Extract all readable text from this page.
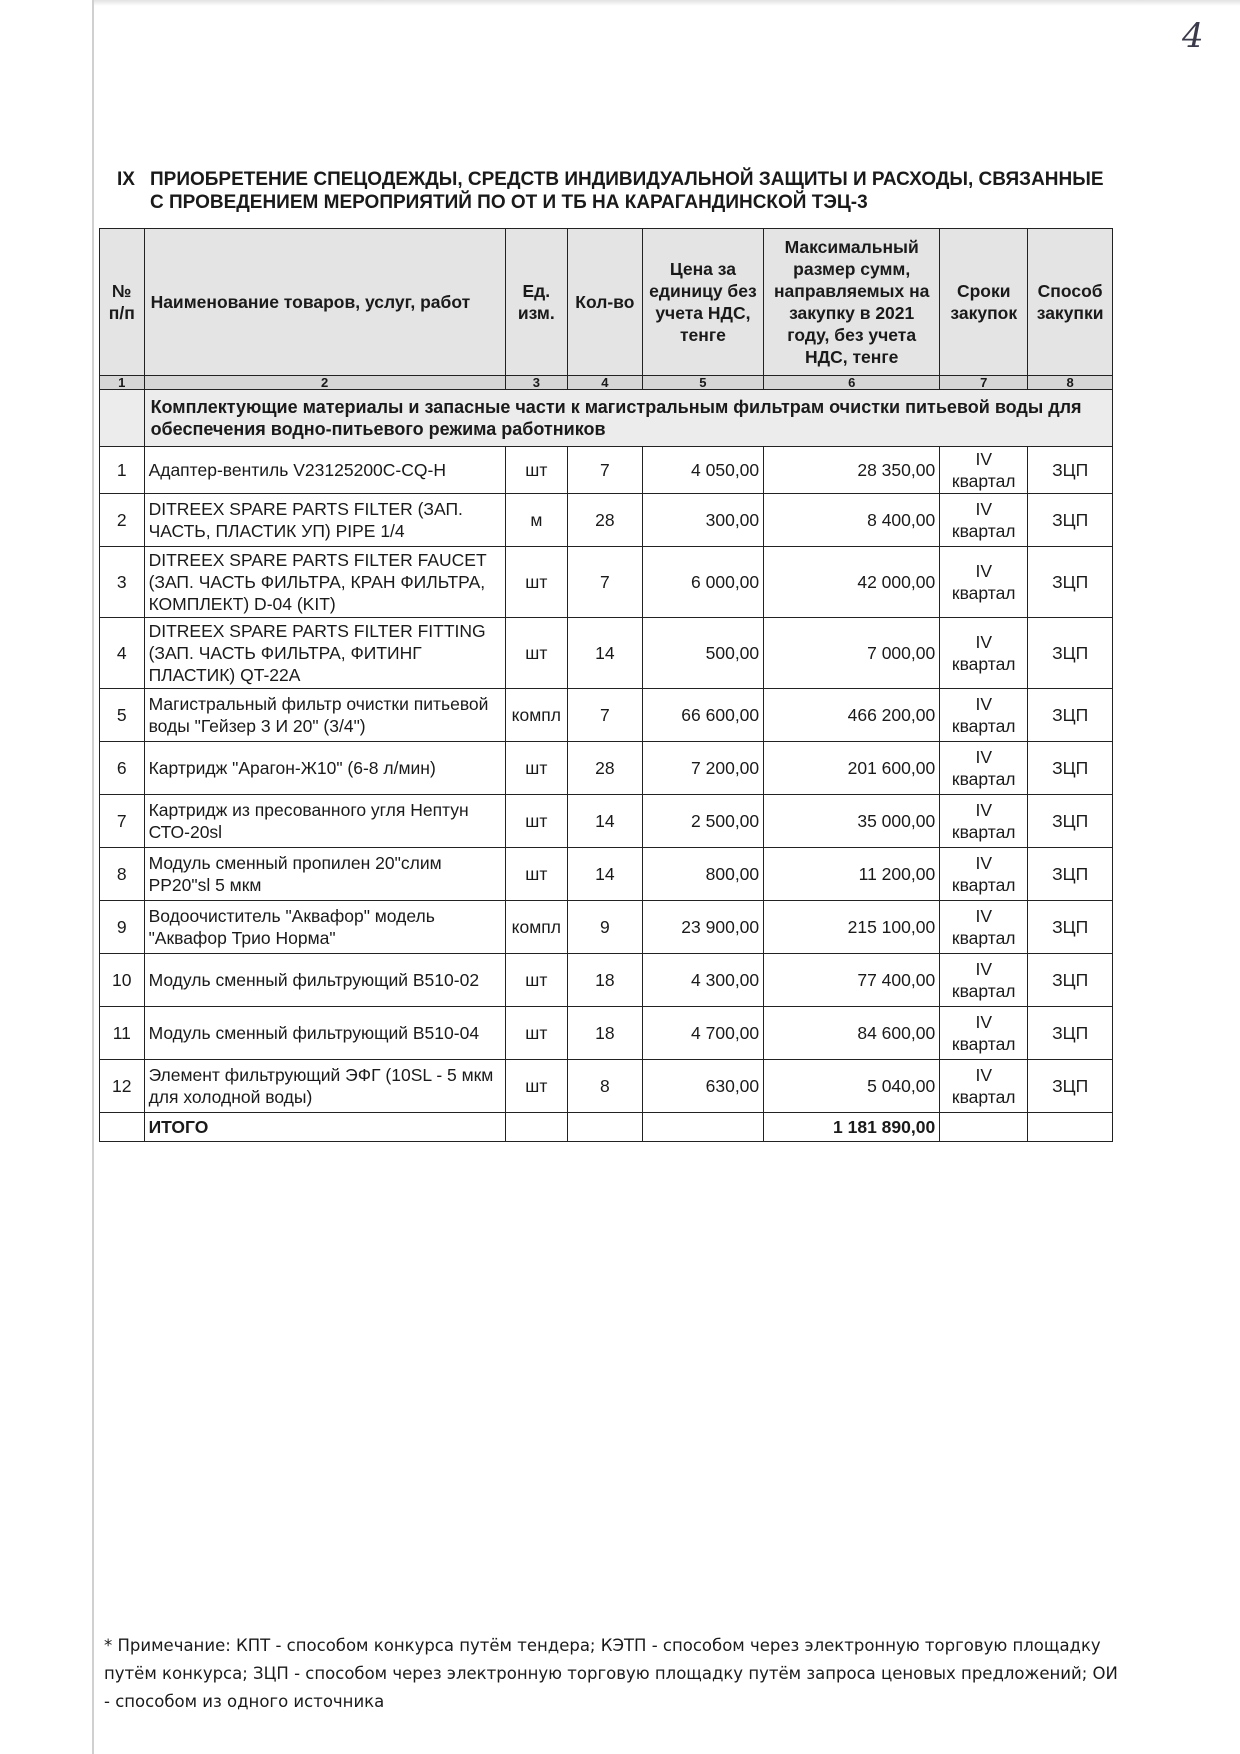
4
IX ПРИОБРЕТЕНИЕ СПЕЦОДЕЖДЫ, СРЕДСТВ ИНДИВИДУАЛЬНОЙ ЗАЩИТЫ И РАСХОДЫ, СВЯЗАННЫЕ С ПРОВЕДЕНИЕМ МЕРОПРИЯТИЙ ПО ОТ И ТБ НА КАРАГАНДИНСКОЙ ТЭЦ-3
№ п/п	Наименование товаров, услуг, работ	Ед. изм.	Кол-во	Цена за единицу без учета НДС, тенге	Максимальный размер сумм, направляемых на закупку в 2021 году, без учета НДС, тенге	Сроки закупок	Способ закупки
1	2	3	4	5	6	7	8
	Комплектующие материалы и запасные части к магистральным фильтрам очистки питьевой воды для обеспечения водно-питьевого режима работников						
1	Адаптер-вентиль V23125200C-CQ-H	шт	7	4 050,00	28 350,00	IV квартал	ЗЦП
2	DITREEX SPARE PARTS FILTER (ЗАП. ЧАСТЬ, ПЛАСТИК УП) PIPE 1/4	м	28	300,00	8 400,00	IV квартал	ЗЦП
3	DITREEX SPARE PARTS FILTER FAUCET (ЗАП. ЧАСТЬ ФИЛЬТРА, КРАН ФИЛЬТРА, КОМПЛЕКТ) D-04 (KIT)	шт	7	6 000,00	42 000,00	IV квартал	ЗЦП
4	DITREEX SPARE PARTS FILTER FITTING (ЗАП. ЧАСТЬ ФИЛЬТРА, ФИТИНГ ПЛАСТИК) QT-22A	шт	14	500,00	7 000,00	IV квартал	ЗЦП
5	Магистральный фильтр очистки питьевой воды "Гейзер 3 И 20" (3/4")	компл	7	66 600,00	466 200,00	IV квартал	ЗЦП
6	Картридж "Арагон-Ж10" (6-8 л/мин)	шт	28	7 200,00	201 600,00	IV квартал	ЗЦП
7	Картридж из пресованного угля Нептун СТО-20sl	шт	14	2 500,00	35 000,00	IV квартал	ЗЦП
8	Модуль сменный пропилен 20"слим PP20"sl 5 мкм	шт	14	800,00	11 200,00	IV квартал	ЗЦП
9	Водоочиститель "Аквафор" модель "Аквафор Трио Норма"	компл	9	23 900,00	215 100,00	IV квартал	ЗЦП
10	Модуль сменный фильтрующий B510-02	шт	18	4 300,00	77 400,00	IV квартал	ЗЦП
11	Модуль сменный фильтрующий B510-04	шт	18	4 700,00	84 600,00	IV квартал	ЗЦП
12	Элемент фильтрующий ЭФГ (10SL - 5 мкм для холодной воды)	шт	8	630,00	5 040,00	IV квартал	ЗЦП
	ИТОГО				1 181 890,00		
* Примечание: КПТ - способом конкурса путём тендера; КЭТП - способом через электронную торговую площадку путём конкурса; ЗЦП - способом через электронную торговую площадку путём запроса ценовых предложений; ОИ - способом из одного источника
